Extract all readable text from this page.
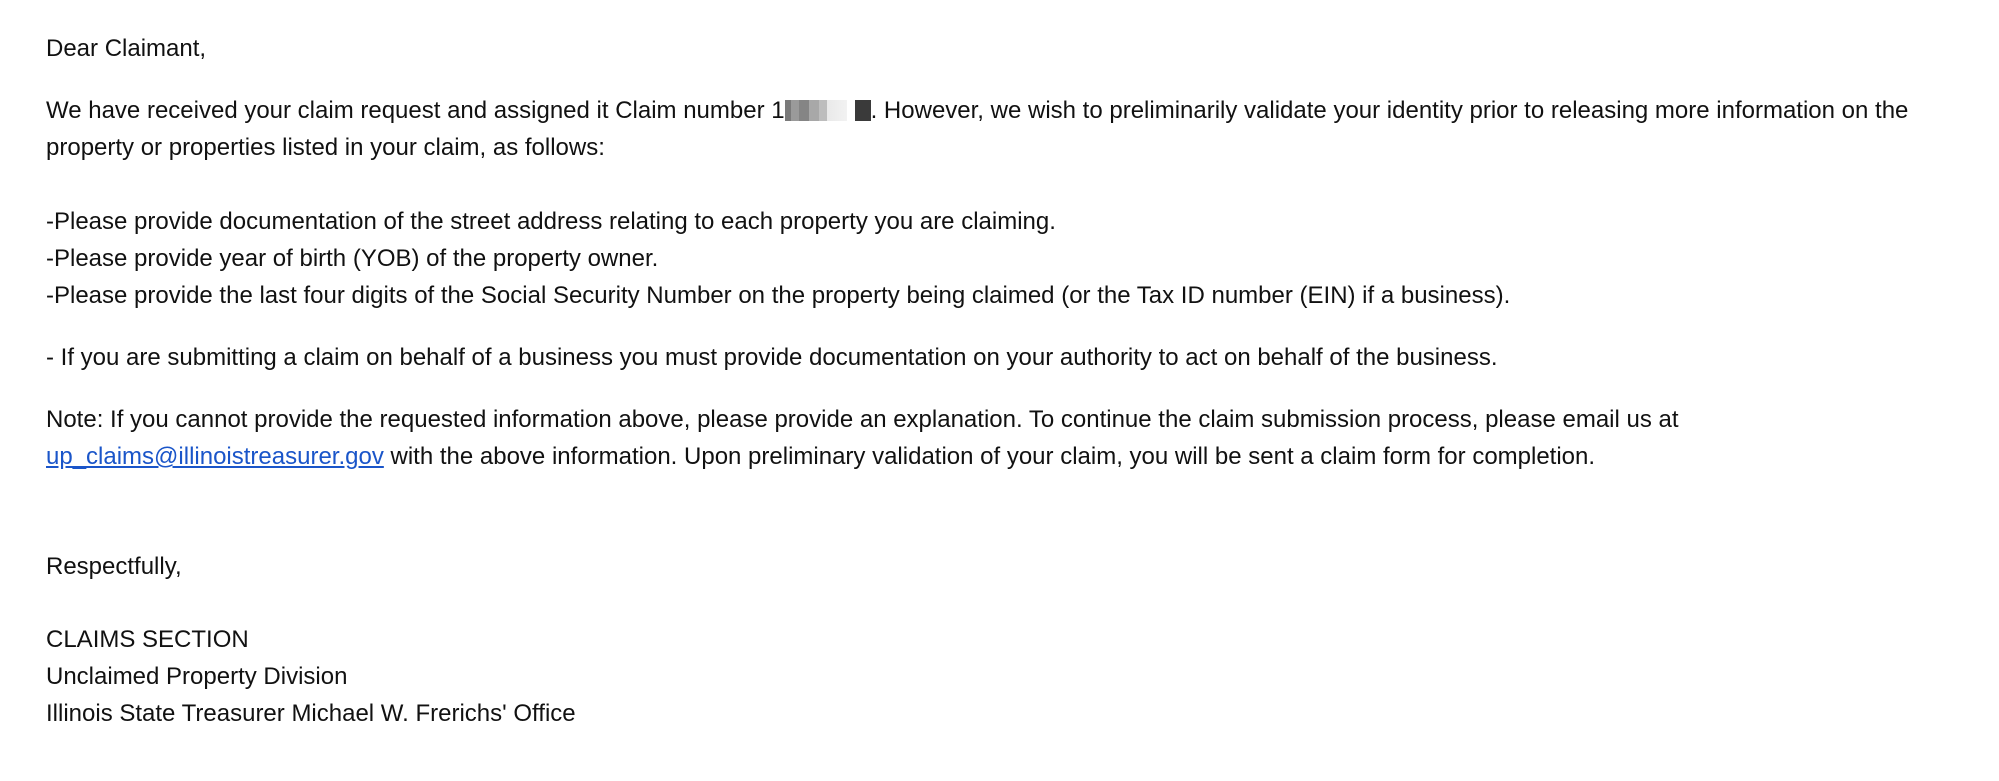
Dear Claimant,

We have received your claim request and assigned it Claim number 1	. However, we wish to preliminarily validate your identity prior to releasing more information on the property or properties listed in your claim, as follows:

-Please provide documentation of the street address relating to each property you are claiming.

-Please provide year of birth (YOB) of the property owner.

-Please provide the last four digits of the Social Security Number on the property being claimed (or the Tax ID number (EIN) if a business).

- If you are submitting a claim on behalf of a business you must provide documentation on your authority to act on behalf of the business.

Note: If you cannot provide the requested information above, please provide an explanation. To continue the claim submission process, please email us at
up_claims@illinoistreasurer.gov with the above information. Upon preliminary validation of your claim, you will be sent a claim form for completion.

Respectfully,

CLAIMS SECTION

Unclaimed Property Division

Illinois State Treasurer Michael W. Frerichs' Office
